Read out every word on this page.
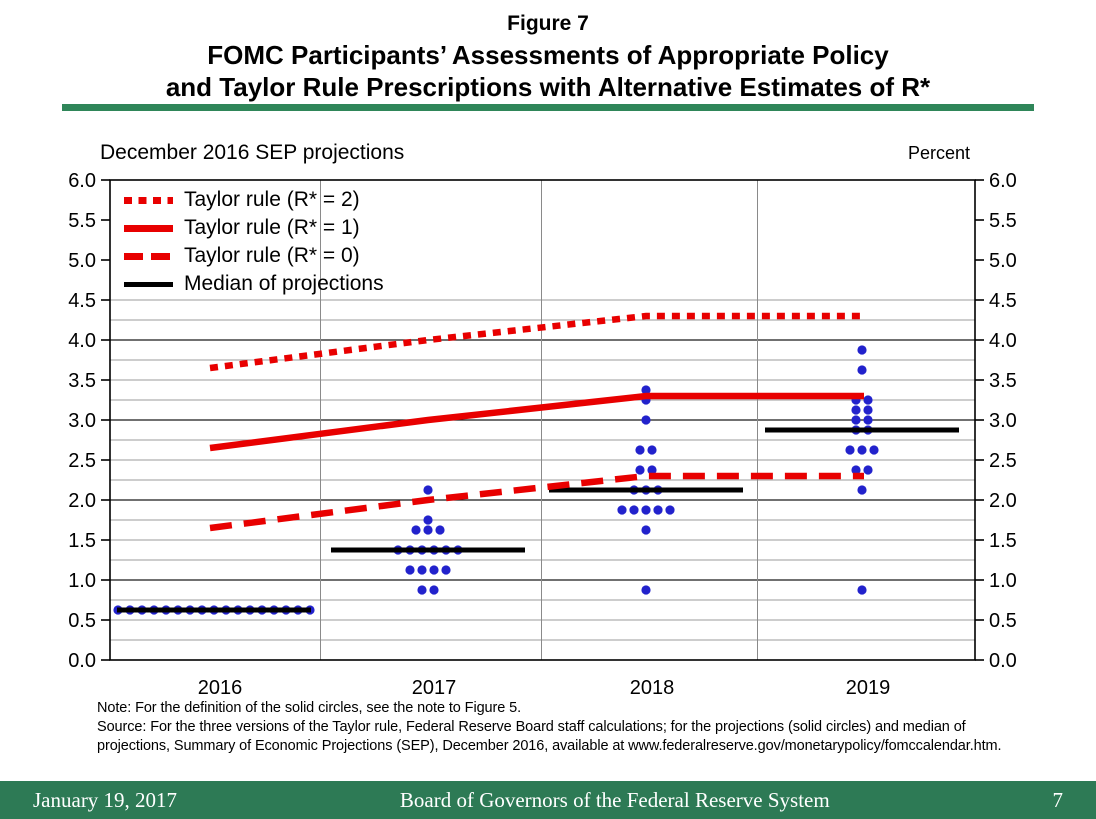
Figure 7
FOMC Participants’ Assessments of Appropriate Policy
and Taylor Rule Prescriptions with Alternative Estimates of R*
December 2016 SEP projections	Percent
0.0	0.0
0.5	0.5
1.0	1.0
1.5	1.5
2.0	2.0
2.5	2.5
3.0	3.0
3.5	3.5
4.0	4.0
4.5	4.5
5.0	5.0
5.5	5.5
6.0	6.0
2016	2017	2018	2019
Taylor rule (R* = 2)
Taylor rule (R* = 1)
Taylor rule (R* = 0)
Median of projections
Note: For the definition of the solid circles, see the note to Figure 5.
Source: For the three versions of the Taylor rule, Federal Reserve Board staff calculations; for the projections (solid circles) and median of
projections, Summary of Economic Projections (SEP), December 2016, available at www.federalreserve.gov/monetarypolicy/fomccalendar.htm.
January 19, 2017	Board of Governors of the Federal Reserve System	7
